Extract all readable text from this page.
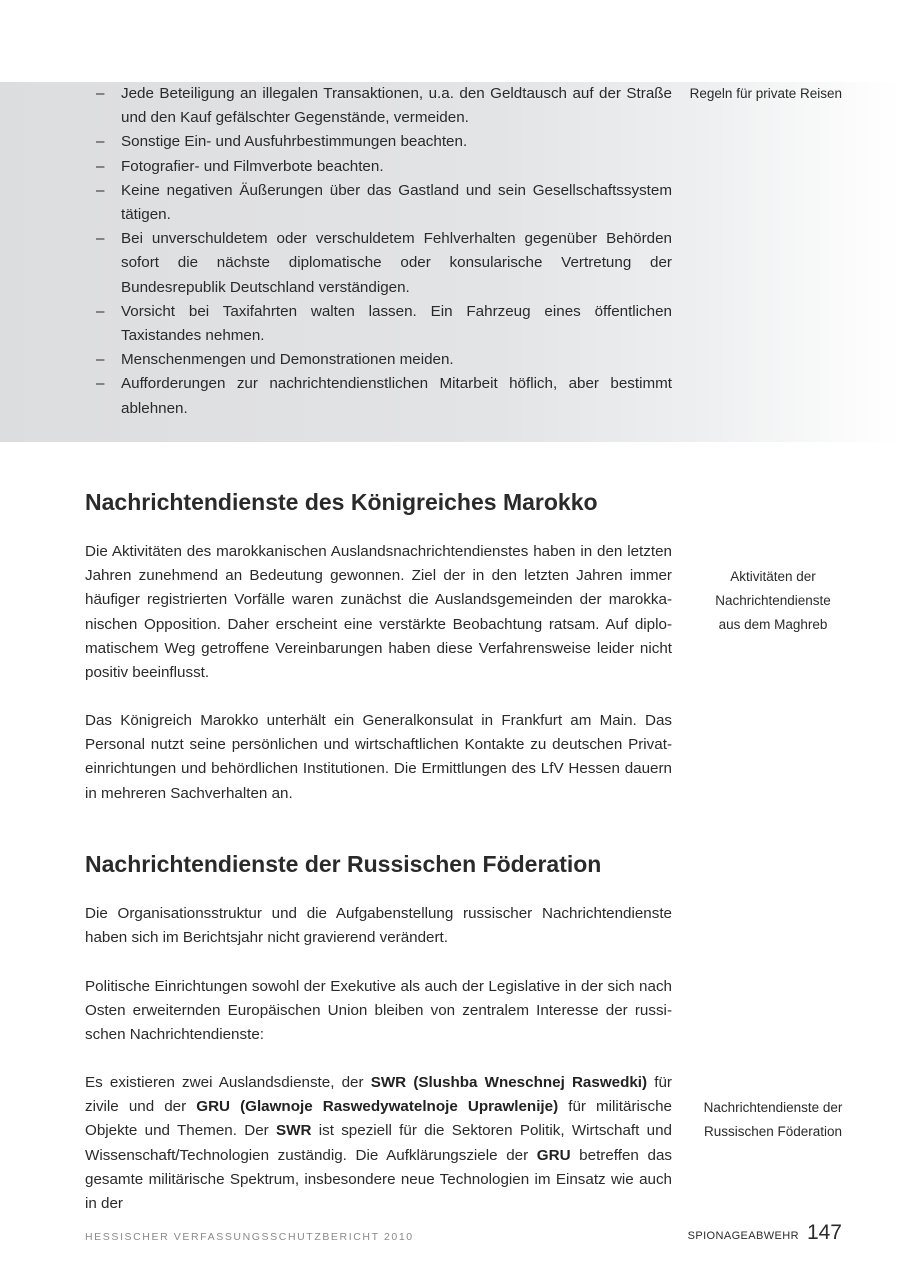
– Jede Beteiligung an illegalen Transaktionen, u.a. den Geldtausch auf der Straße und den Kauf gefälschter Gegenstände, vermeiden.
– Sonstige Ein- und Ausfuhrbestimmungen beachten.
– Fotografier- und Filmverbote beachten.
– Keine negativen Äußerungen über das Gastland und sein Gesellschaftssystem tätigen.
– Bei unverschuldetem oder verschuldetem Fehlverhalten gegenüber Behörden sofort die nächste diplomatische oder konsularische Vertretung der Bundesrepublik Deutschland verständigen.
– Vorsicht bei Taxifahrten walten lassen. Ein Fahrzeug eines öffentlichen Taxistandes nehmen.
– Menschenmengen und Demonstrationen meiden.
– Aufforderungen zur nachrichtendienstlichen Mitarbeit höflich, aber bestimmt ablehnen.
Regeln für private Reisen
Nachrichtendienste des Königreiches Marokko

Die Aktivitäten des marokkanischen Auslandsnachrichtendienstes haben in den letzten Jahren zunehmend an Bedeutung gewonnen. Ziel der in den letzten Jahren immer häufiger registrierten Vorfälle waren zunächst die Auslandsgemeinden der marokkanischen Opposition. Daher erscheint eine verstärkte Beobachtung ratsam. Auf diplomatischem Weg getroffene Vereinbarungen haben diese Verfahrensweise leider nicht positiv beeinflusst.

Aktivitäten der
Nachrichtendienste
aus dem Maghreb

Das Königreich Marokko unterhält ein Generalkonsulat in Frankfurt am Main. Das Personal nutzt seine persönlichen und wirtschaftlichen Kontakte zu deutschen Privateinrichtungen und behördlichen Institutionen. Die Ermittlungen des LfV Hessen dauern in mehreren Sachverhalten an.

Nachrichtendienste der Russischen Föderation

Die Organisationsstruktur und die Aufgabenstellung russischer Nachrichtendienste haben sich im Berichtsjahr nicht gravierend verändert.

Politische Einrichtungen sowohl der Exekutive als auch der Legislative in der sich nach Osten erweiternden Europäischen Union bleiben von zentralem Interesse der russischen Nachrichtendienste:

Es existieren zwei Auslandsdienste, der SWR (Slushba Wneschnej Raswedki) für zivile und der GRU (Glawnoje Raswedywatelnoje Uprawlenije) für militärische Objekte und Themen. Der SWR ist speziell für die Sektoren Politik, Wirtschaft und Wissenschaft/Technologien zuständig. Die Aufklärungsziele der GRU betreffen das gesamte militärische Spektrum, insbesondere neue Technologien im Einsatz wie auch in der

Nachrichtendienste der
Russischen Föderation
HESSISCHER VERFASSUNGSSCHUTZBERICHT 2010	SPIONAGEABWEHR 147
